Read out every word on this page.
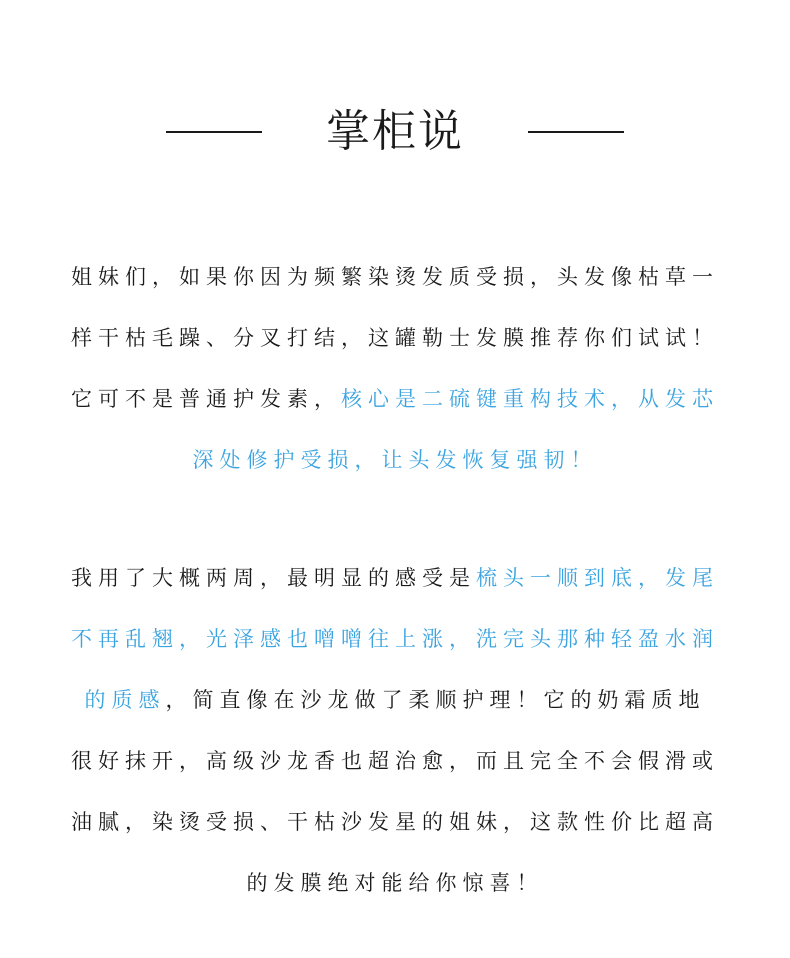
掌柜说
姐妹们，如果你因为频繁染烫发质受损，头发像枯草一
样干枯毛躁、分叉打结，这罐勒士发膜推荐你们试试！
它可不是普通护发素，核心是二硫键重构技术，从发芯
深处修护受损，让头发恢复强韧！
我用了大概两周，最明显的感受是梳头一顺到底，发尾
不再乱翘，光泽感也噌噌往上涨，洗完头那种轻盈水润
的质感，简直像在沙龙做了柔顺护理！它的奶霜质地
很好抹开，高级沙龙香也超治愈，而且完全不会假滑或
油腻，染烫受损、干枯沙发星的姐妹，这款性价比超高
的发膜绝对能给你惊喜！
